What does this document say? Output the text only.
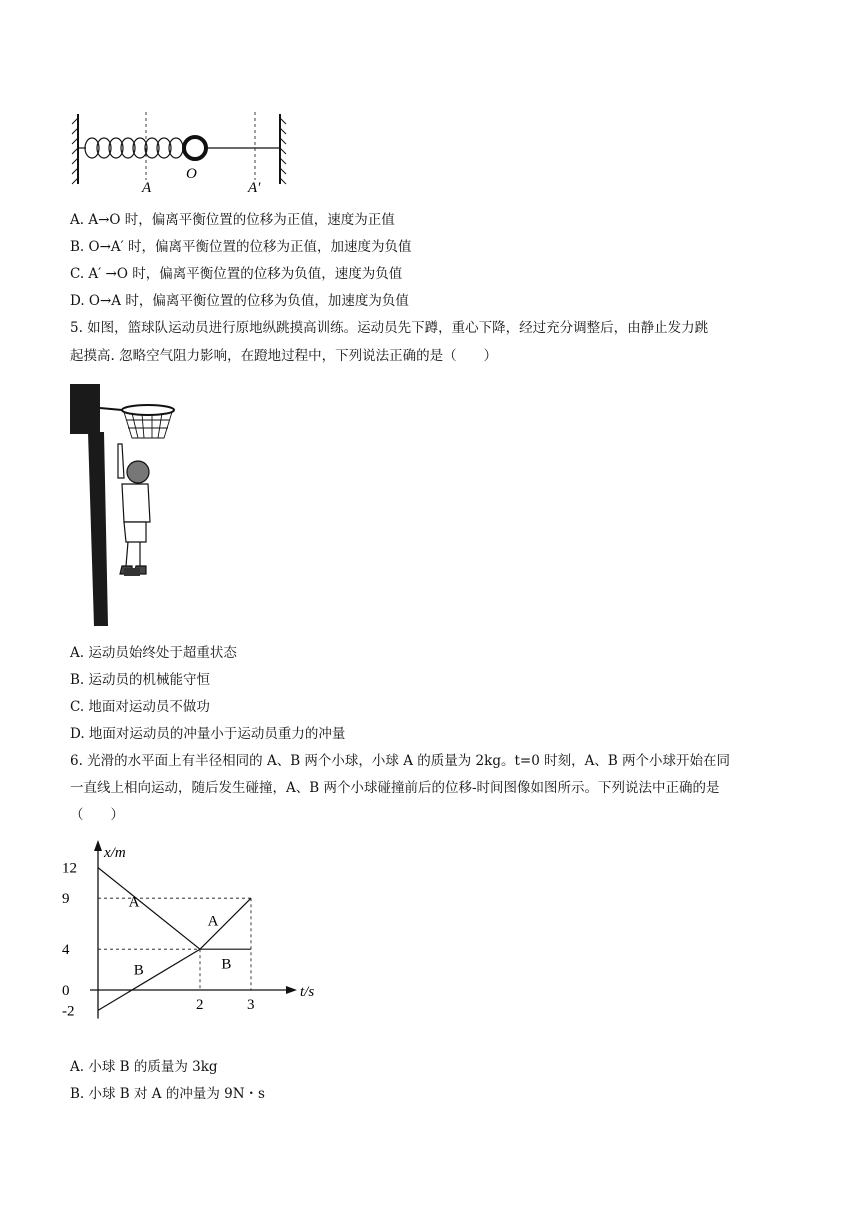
A
O
A′
A. A→O 时，偏离平衡位置的位移为正值，速度为正值
B. O→A′ 时，偏离平衡位置的位移为正值，加速度为负值
C. A′ →O 时，偏离平衡位置的位移为负值，速度为负值
D. O→A 时，偏离平衡位置的位移为负值，加速度为负值
5. 如图，篮球队运动员进行原地纵跳摸高训练。运动员先下蹲，重心下降，经过充分调整后，由静止发力跳
起摸高. 忽略空气阻力影响，在蹬地过程中，下列说法正确的是（　　）
A. 运动员始终处于超重状态
B. 运动员的机械能守恒
C. 地面对运动员不做功
D. 地面对运动员的冲量小于运动员重力的冲量
6. 光滑的水平面上有半径相同的 A、B 两个小球，小球 A 的质量为 2kg。t=0 时刻，A、B 两个小球开始在同
一直线上相向运动，随后发生碰撞，A、B 两个小球碰撞前后的位移-时间图像如图所示。下列说法中正确的是
（　　）
x/m
t/s
12
9
4
0
-2	2	3
A
B
A
B
A. 小球 B 的质量为 3kg
B. 小球 B 对 A 的冲量为 9N・s
